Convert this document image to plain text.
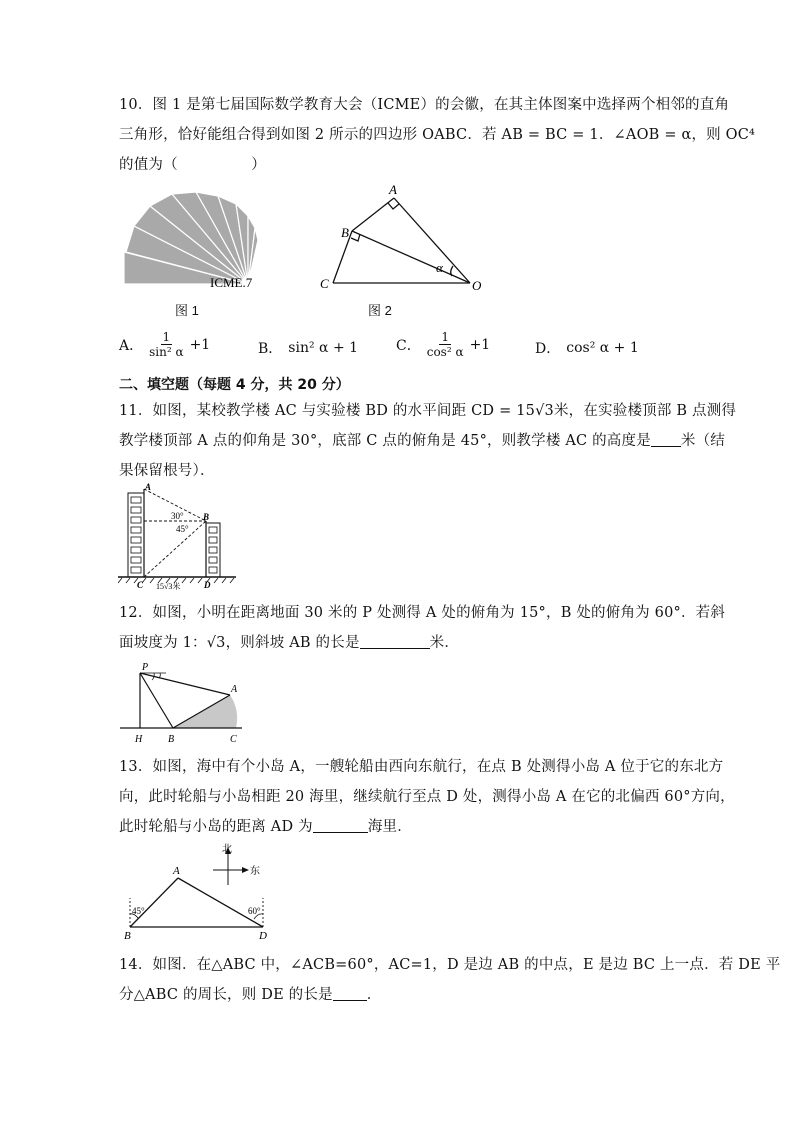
10．图 1 是第七届国际数学教育大会（ICME）的会徽，在其主体图案中选择两个相邻的直角
三角形，恰好能组合得到如图 2 所示的四边形 OABC．若 AB = BC = 1．∠AOB = α，则 OC⁴
的值为（　　　　　）
ICME.7
图 1
A
B
C	O
α
图 2
A． $\frac{1}{\text{sin² α}} +1$	B． sin² α + 1	C． $\frac{1}{\text{cos² α}} +1$	D． cos² α + 1
二、填空题（每题 4 分，共 20 分）
11．如图，某校教学楼 AC 与实验楼 BD 的水平间距 CD = 15√3米，在实验楼顶部 B 点测得
教学楼顶部 A 点的仰角是 30°，底部 C 点的俯角是 45°，则教学楼 AC 的高度是 米（结
果保留根号）．
A
B
C	D
30°
45°
15√3米
12．如图，小明在距离地面 30 米的 P 处测得 A 处的俯角为 15°，B 处的俯角为 60°．若斜
面坡度为 1：√3，则斜坡 AB 的长是	米．
P
A
H	B	C
13．如图，海中有个小岛 A，一艘轮船由西向东航行，在点 B 处测得小岛 A 位于它的东北方
向，此时轮船与小岛相距 20 海里，继续航行至点 D 处，测得小岛 A 在它的北偏西 60°方向，
此时轮船与小岛的距离 AD 为	海里．
北
东
45°	60°
A
B	D
14．如图．在△ABC 中，∠ACB=60°，AC=1，D 是边 AB 的中点，E 是边 BC 上一点．若 DE 平
分△ABC 的周长，则 DE 的长是 ．
